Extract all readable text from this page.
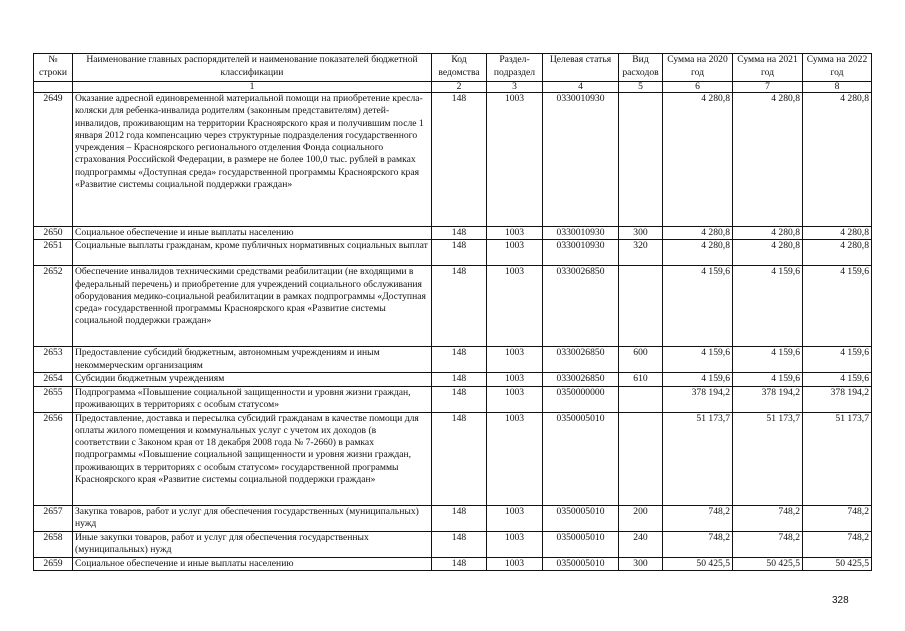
№ строки	Наименование главных распорядителей и наименование показателей бюджетной классификации	Код ведомства	Раздел-подраздел	Целевая статья	Вид расходов	Сумма на 2020 год	Сумма на 2021 год	Сумма на 2022 год
	1	2	3	4	5	6	7	8
2649	Оказание адресной единовременной материальной помощи на приобретение кресла-коляски для ребенка-инвалида родителям (законным представителям) детей-инвалидов, проживающим на территории Красноярского края и получившим после 1 января 2012 года компенсацию через структурные подразделения государственного учреждения – Красноярского регионального отделения Фонда социального страхования Российской Федерации, в размере не более 100,0 тыс. рублей в рамках подпрограммы «Доступная среда» государственной программы Красноярского края «Развитие системы социальной поддержки граждан»	148	1003	0330010930		4 280,8	4 280,8	4 280,8
2650	Социальное обеспечение и иные выплаты населению	148	1003	0330010930	300	4 280,8	4 280,8	4 280,8
2651	Социальные выплаты гражданам, кроме публичных нормативных социальных выплат	148	1003	0330010930	320	4 280,8	4 280,8	4 280,8
2652	Обеспечение инвалидов техническими средствами реабилитации (не входящими в федеральный перечень) и приобретение для учреждений социального обслуживания оборудования медико-социальной реабилитации в рамках подпрограммы «Доступная среда» государственной программы Красноярского края «Развитие системы социальной поддержки граждан»	148	1003	0330026850		4 159,6	4 159,6	4 159,6
2653	Предоставление субсидий бюджетным, автономным учреждениям и иным некоммерческим организациям	148	1003	0330026850	600	4 159,6	4 159,6	4 159,6
2654	Субсидии бюджетным учреждениям	148	1003	0330026850	610	4 159,6	4 159,6	4 159,6
2655	Подпрограмма «Повышение социальной защищенности и уровня жизни граждан, проживающих в территориях с особым статусом»	148	1003	0350000000		378 194,2	378 194,2	378 194,2
2656	Предоставление, доставка и пересылка субсидий гражданам в качестве помощи для оплаты жилого помещения и коммунальных услуг с учетом их доходов (в соответствии с Законом края от 18 декабря 2008 года № 7-2660) в рамках подпрограммы «Повышение социальной защищенности и уровня жизни граждан, проживающих в территориях с особым статусом» государственной программы Красноярского края «Развитие системы социальной поддержки граждан»	148	1003	0350005010		51 173,7	51 173,7	51 173,7
2657	Закупка товаров, работ и услуг для обеспечения государственных (муниципальных) нужд	148	1003	0350005010	200	748,2	748,2	748,2
2658	Иные закупки товаров, работ и услуг для обеспечения государственных (муниципальных) нужд	148	1003	0350005010	240	748,2	748,2	748,2
2659	Социальное обеспечение и иные выплаты населению	148	1003	0350005010	300	50 425,5	50 425,5	50 425,5
328
